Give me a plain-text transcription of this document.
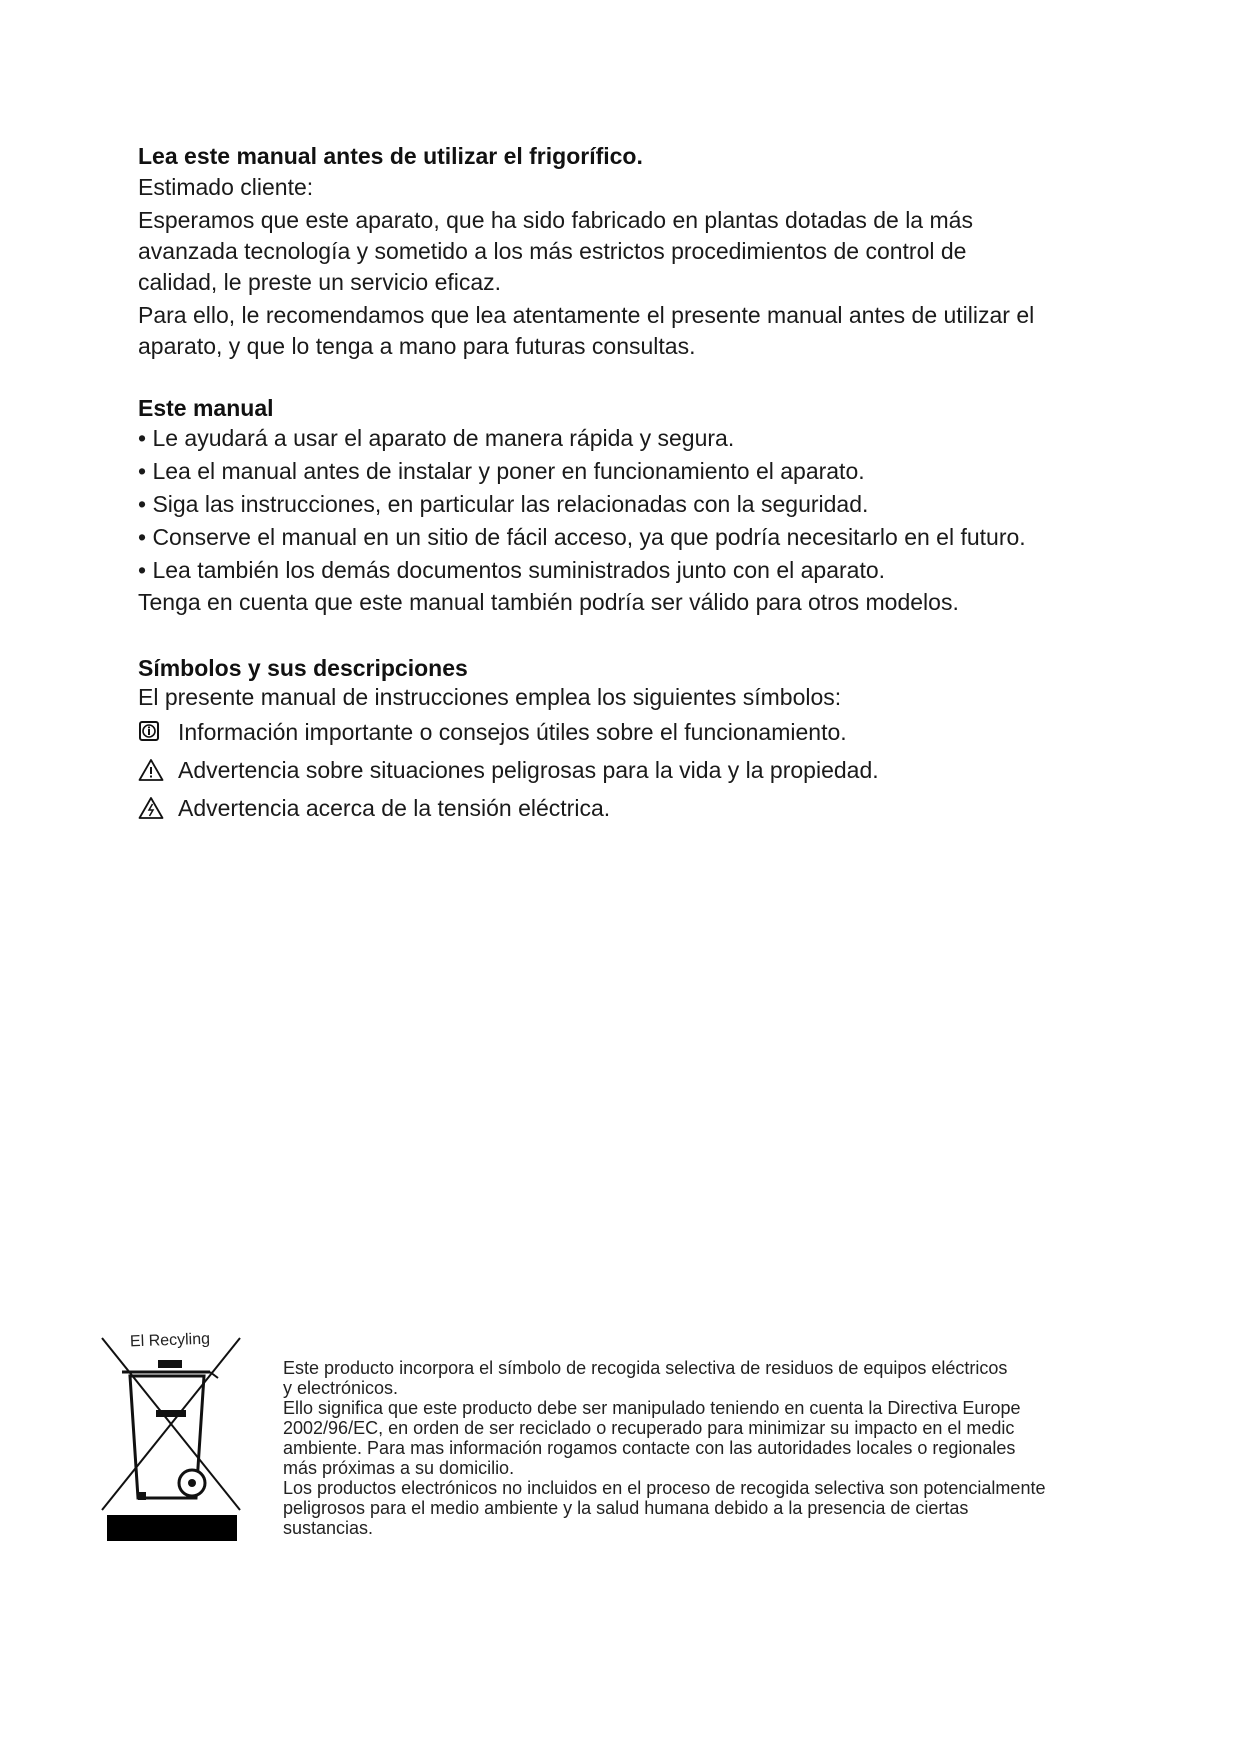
Lea este manual antes de utilizar el frigorífico.

Estimado cliente:

Esperamos que este aparato, que ha sido fabricado en plantas dotadas de la más

avanzada tecnología y sometido a los más estrictos procedimientos de control de

calidad, le preste un servicio eficaz.

Para ello, le recomendamos que lea atentamente el presente manual antes de utilizar el

aparato, y que lo tenga a mano para futuras consultas.

Este manual

• Le ayudará a usar el aparato de manera rápida y segura.

• Lea el manual antes de instalar y poner en funcionamiento el aparato.

• Siga las instrucciones, en particular las relacionadas con la seguridad.

• Conserve el manual en un sitio de fácil acceso, ya que podría necesitarlo en el futuro.

• Lea también los demás documentos suministrados junto con el aparato.

Tenga en cuenta que este manual también podría ser válido para otros modelos.

Símbolos y sus descripciones

El presente manual de instrucciones emplea los siguientes símbolos:

Información importante o consejos útiles sobre el funcionamiento.
Advertencia sobre situaciones peligrosas para la vida y la propiedad.
Advertencia acerca de la tensión eléctrica.
El Recyling

Este producto incorpora el símbolo de recogida selectiva de residuos de equipos eléctricos

y electrónicos.

Ello significa que este producto debe ser manipulado teniendo en cuenta la Directiva Europe

2002/96/EC, en orden de ser reciclado o recuperado para minimizar su impacto en el medic

ambiente. Para mas información rogamos contacte con las autoridades locales o regionales

más próximas a su domicilio.

Los productos electrónicos no incluidos en el proceso de recogida selectiva son potencialmente

peligrosos para el medio ambiente y la salud humana debido a la presencia de ciertas

sustancias.
